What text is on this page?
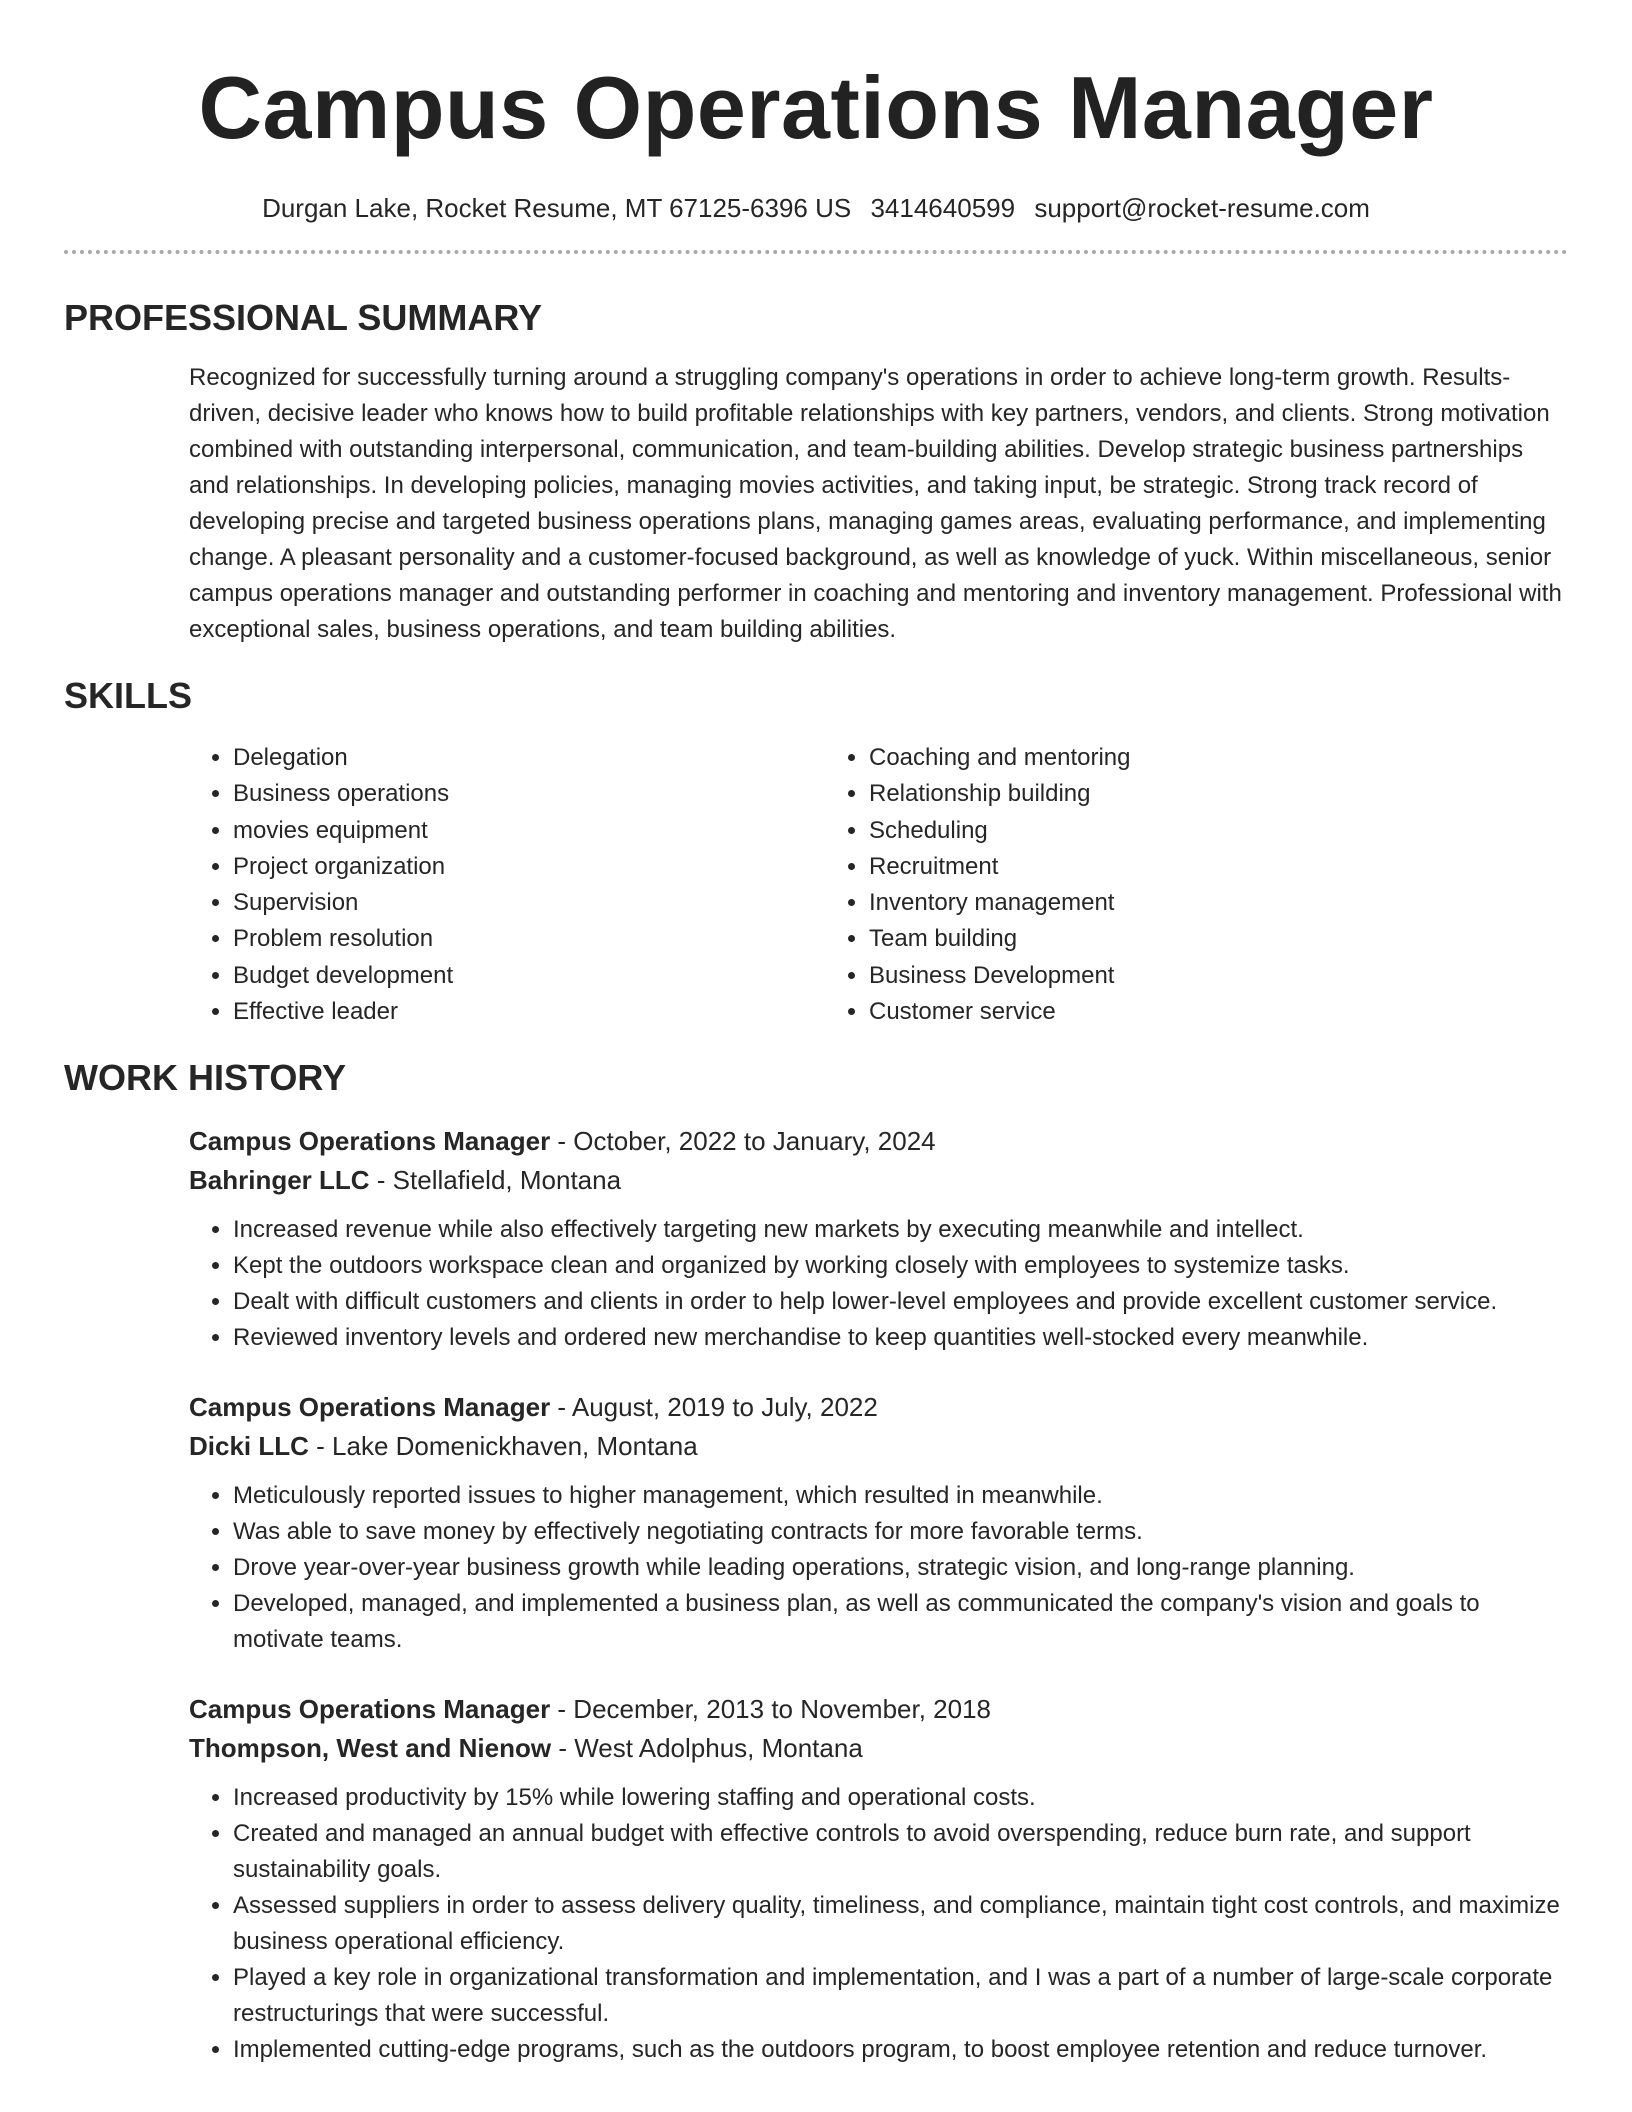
Campus Operations Manager
Durgan Lake, Rocket Resume, MT 67125-6396 US 3414640599 support@rocket-resume.com
PROFESSIONAL SUMMARY
Recognized for successfully turning around a struggling company's operations in order to achieve long-term growth. Results-driven, decisive leader who knows how to build profitable relationships with key partners, vendors, and clients. Strong motivation combined with outstanding interpersonal, communication, and team-building abilities. Develop strategic business partnerships and relationships. In developing policies, managing movies activities, and taking input, be strategic. Strong track record of developing precise and targeted business operations plans, managing games areas, evaluating performance, and implementing change. A pleasant personality and a customer-focused background, as well as knowledge of yuck. Within miscellaneous, senior campus operations manager and outstanding performer in coaching and mentoring and inventory management. Professional with exceptional sales, business operations, and team building abilities.
SKILLS
• Delegation
• Business operations
• movies equipment
• Project organization
• Supervision
• Problem resolution
• Budget development
• Effective leader
• Coaching and mentoring
• Relationship building
• Scheduling
• Recruitment
• Inventory management
• Team building
• Business Development
• Customer service
WORK HISTORY
Campus Operations Manager - October, 2022 to January, 2024
Bahringer LLC - Stellafield, Montana
• Increased revenue while also effectively targeting new markets by executing meanwhile and intellect.
• Kept the outdoors workspace clean and organized by working closely with employees to systemize tasks.
• Dealt with difficult customers and clients in order to help lower-level employees and provide excellent customer service.
• Reviewed inventory levels and ordered new merchandise to keep quantities well-stocked every meanwhile.
Campus Operations Manager - August, 2019 to July, 2022
Dicki LLC - Lake Domenickhaven, Montana
• Meticulously reported issues to higher management, which resulted in meanwhile.
• Was able to save money by effectively negotiating contracts for more favorable terms.
• Drove year-over-year business growth while leading operations, strategic vision, and long-range planning.
• Developed, managed, and implemented a business plan, as well as communicated the company's vision and goals to motivate teams.
Campus Operations Manager - December, 2013 to November, 2018
Thompson, West and Nienow - West Adolphus, Montana
• Increased productivity by 15% while lowering staffing and operational costs.
• Created and managed an annual budget with effective controls to avoid overspending, reduce burn rate, and support sustainability goals.
• Assessed suppliers in order to assess delivery quality, timeliness, and compliance, maintain tight cost controls, and maximize business operational efficiency.
• Played a key role in organizational transformation and implementation, and I was a part of a number of large-scale corporate restructurings that were successful.
• Implemented cutting-edge programs, such as the outdoors program, to boost employee retention and reduce turnover.
